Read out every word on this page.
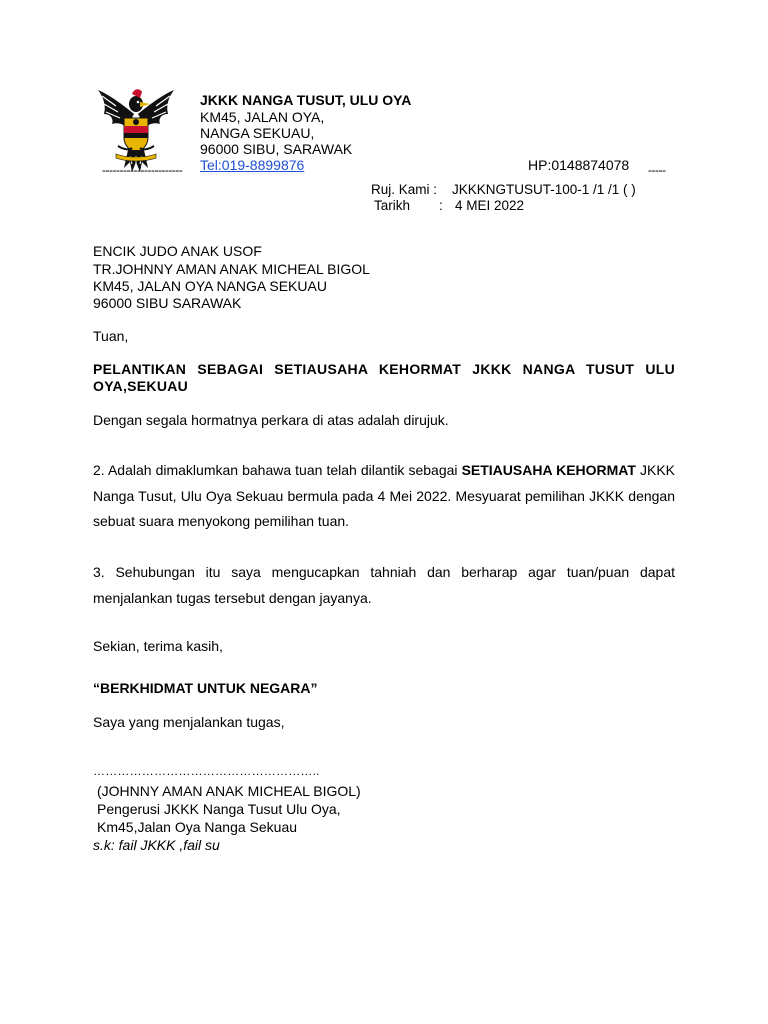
JKKK NANGA TUSUT, ULU OYA
KM45, JALAN OYA,
NANGA SEKUAU,
96000 SIBU, SARAWAK
Tel:019-8899876	HP:0148874078
-----------------------	-----
Ruj. Kami : JKKKNGTUSUT-100-1 /1 /1 ( )
Tarikh : 4 MEI 2022
ENCIK JUDO ANAK USOF
TR.JOHNNY AMAN ANAK MICHEAL BIGOL
KM45, JALAN OYA NANGA SEKUAU
96000 SIBU SARAWAK
Tuan,
PELANTIKAN SEBAGAI SETIAUSAHA KEHORMAT JKKK NANGA TUSUT ULU OYA,SEKUAU
Dengan segala hormatnya perkara di atas adalah dirujuk.
2. Adalah dimaklumkan bahawa tuan telah dilantik sebagai SETIAUSAHA KEHORMAT JKKK Nanga Tusut, Ulu Oya Sekuau bermula pada 4 Mei 2022. Mesyuarat pemilihan JKKK dengan sebuat suara menyokong pemilihan tuan.
3. Sehubungan itu saya mengucapkan tahniah dan berharap agar tuan/puan dapat menjalankan tugas tersebut dengan jayanya.
Sekian, terima kasih,
“BERKHIDMAT UNTUK NEGARA”
Saya yang menjalankan tugas,
………………………………………………..
(JOHNNY AMAN ANAK MICHEAL BIGOL)
Pengerusi JKKK Nanga Tusut Ulu Oya,
Km45,Jalan Oya Nanga Sekuau
s.k: fail JKKK ,fail su
